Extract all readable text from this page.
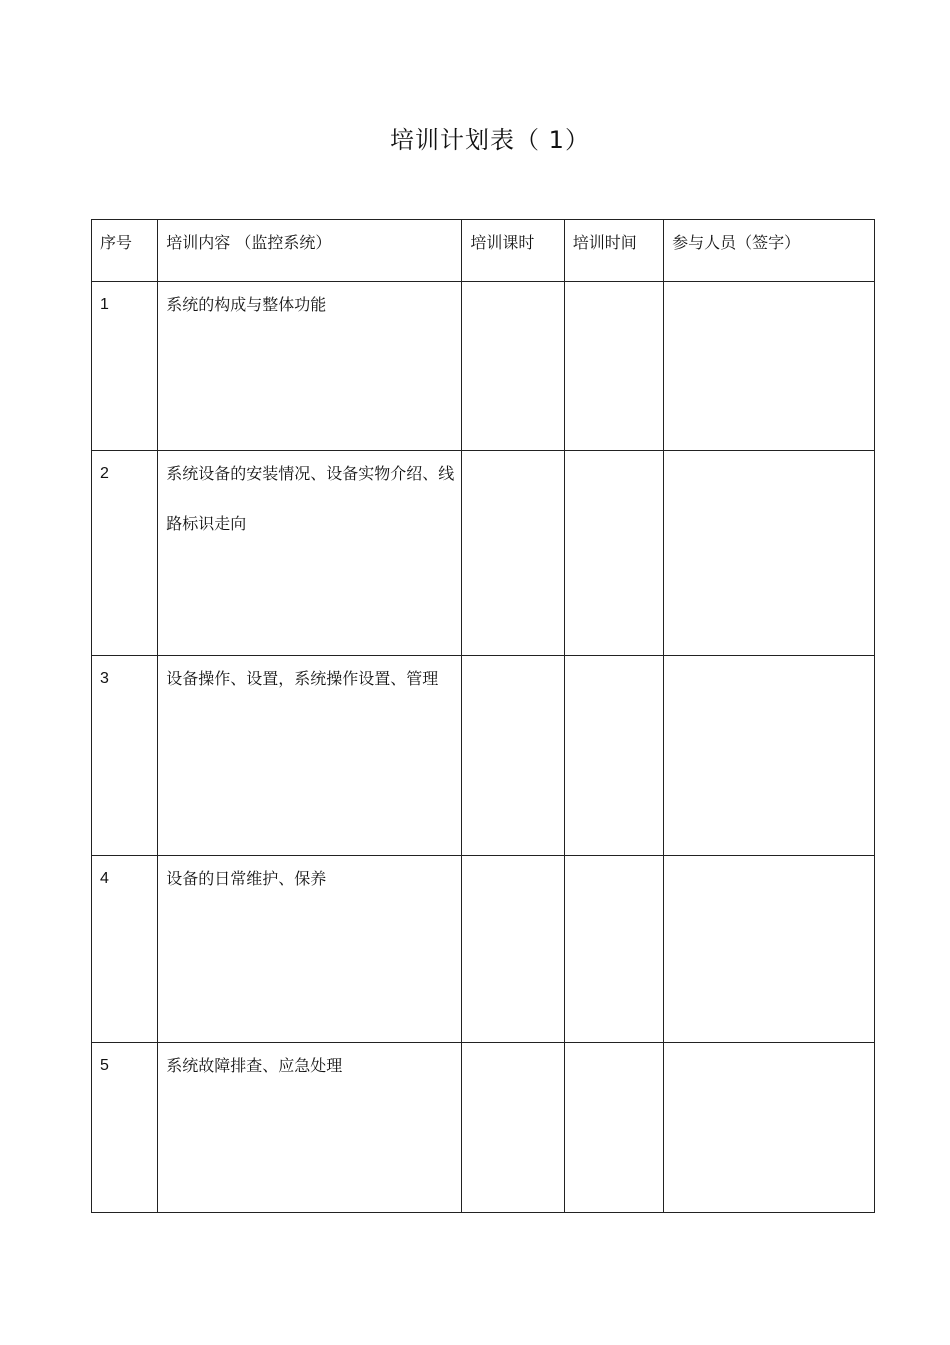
培训计划表（ 1）
序号	培训内容 （监控系统）	培训课时	培训时间	参与人员（签字）

1	系统的构成与整体功能			

2	系统设备的安装情况、设备实物介绍、线路标识走向			

3	设备操作、设置，系统操作设置、管理			

4	设备的日常维护、保养			

5	系统故障排查、应急处理			
